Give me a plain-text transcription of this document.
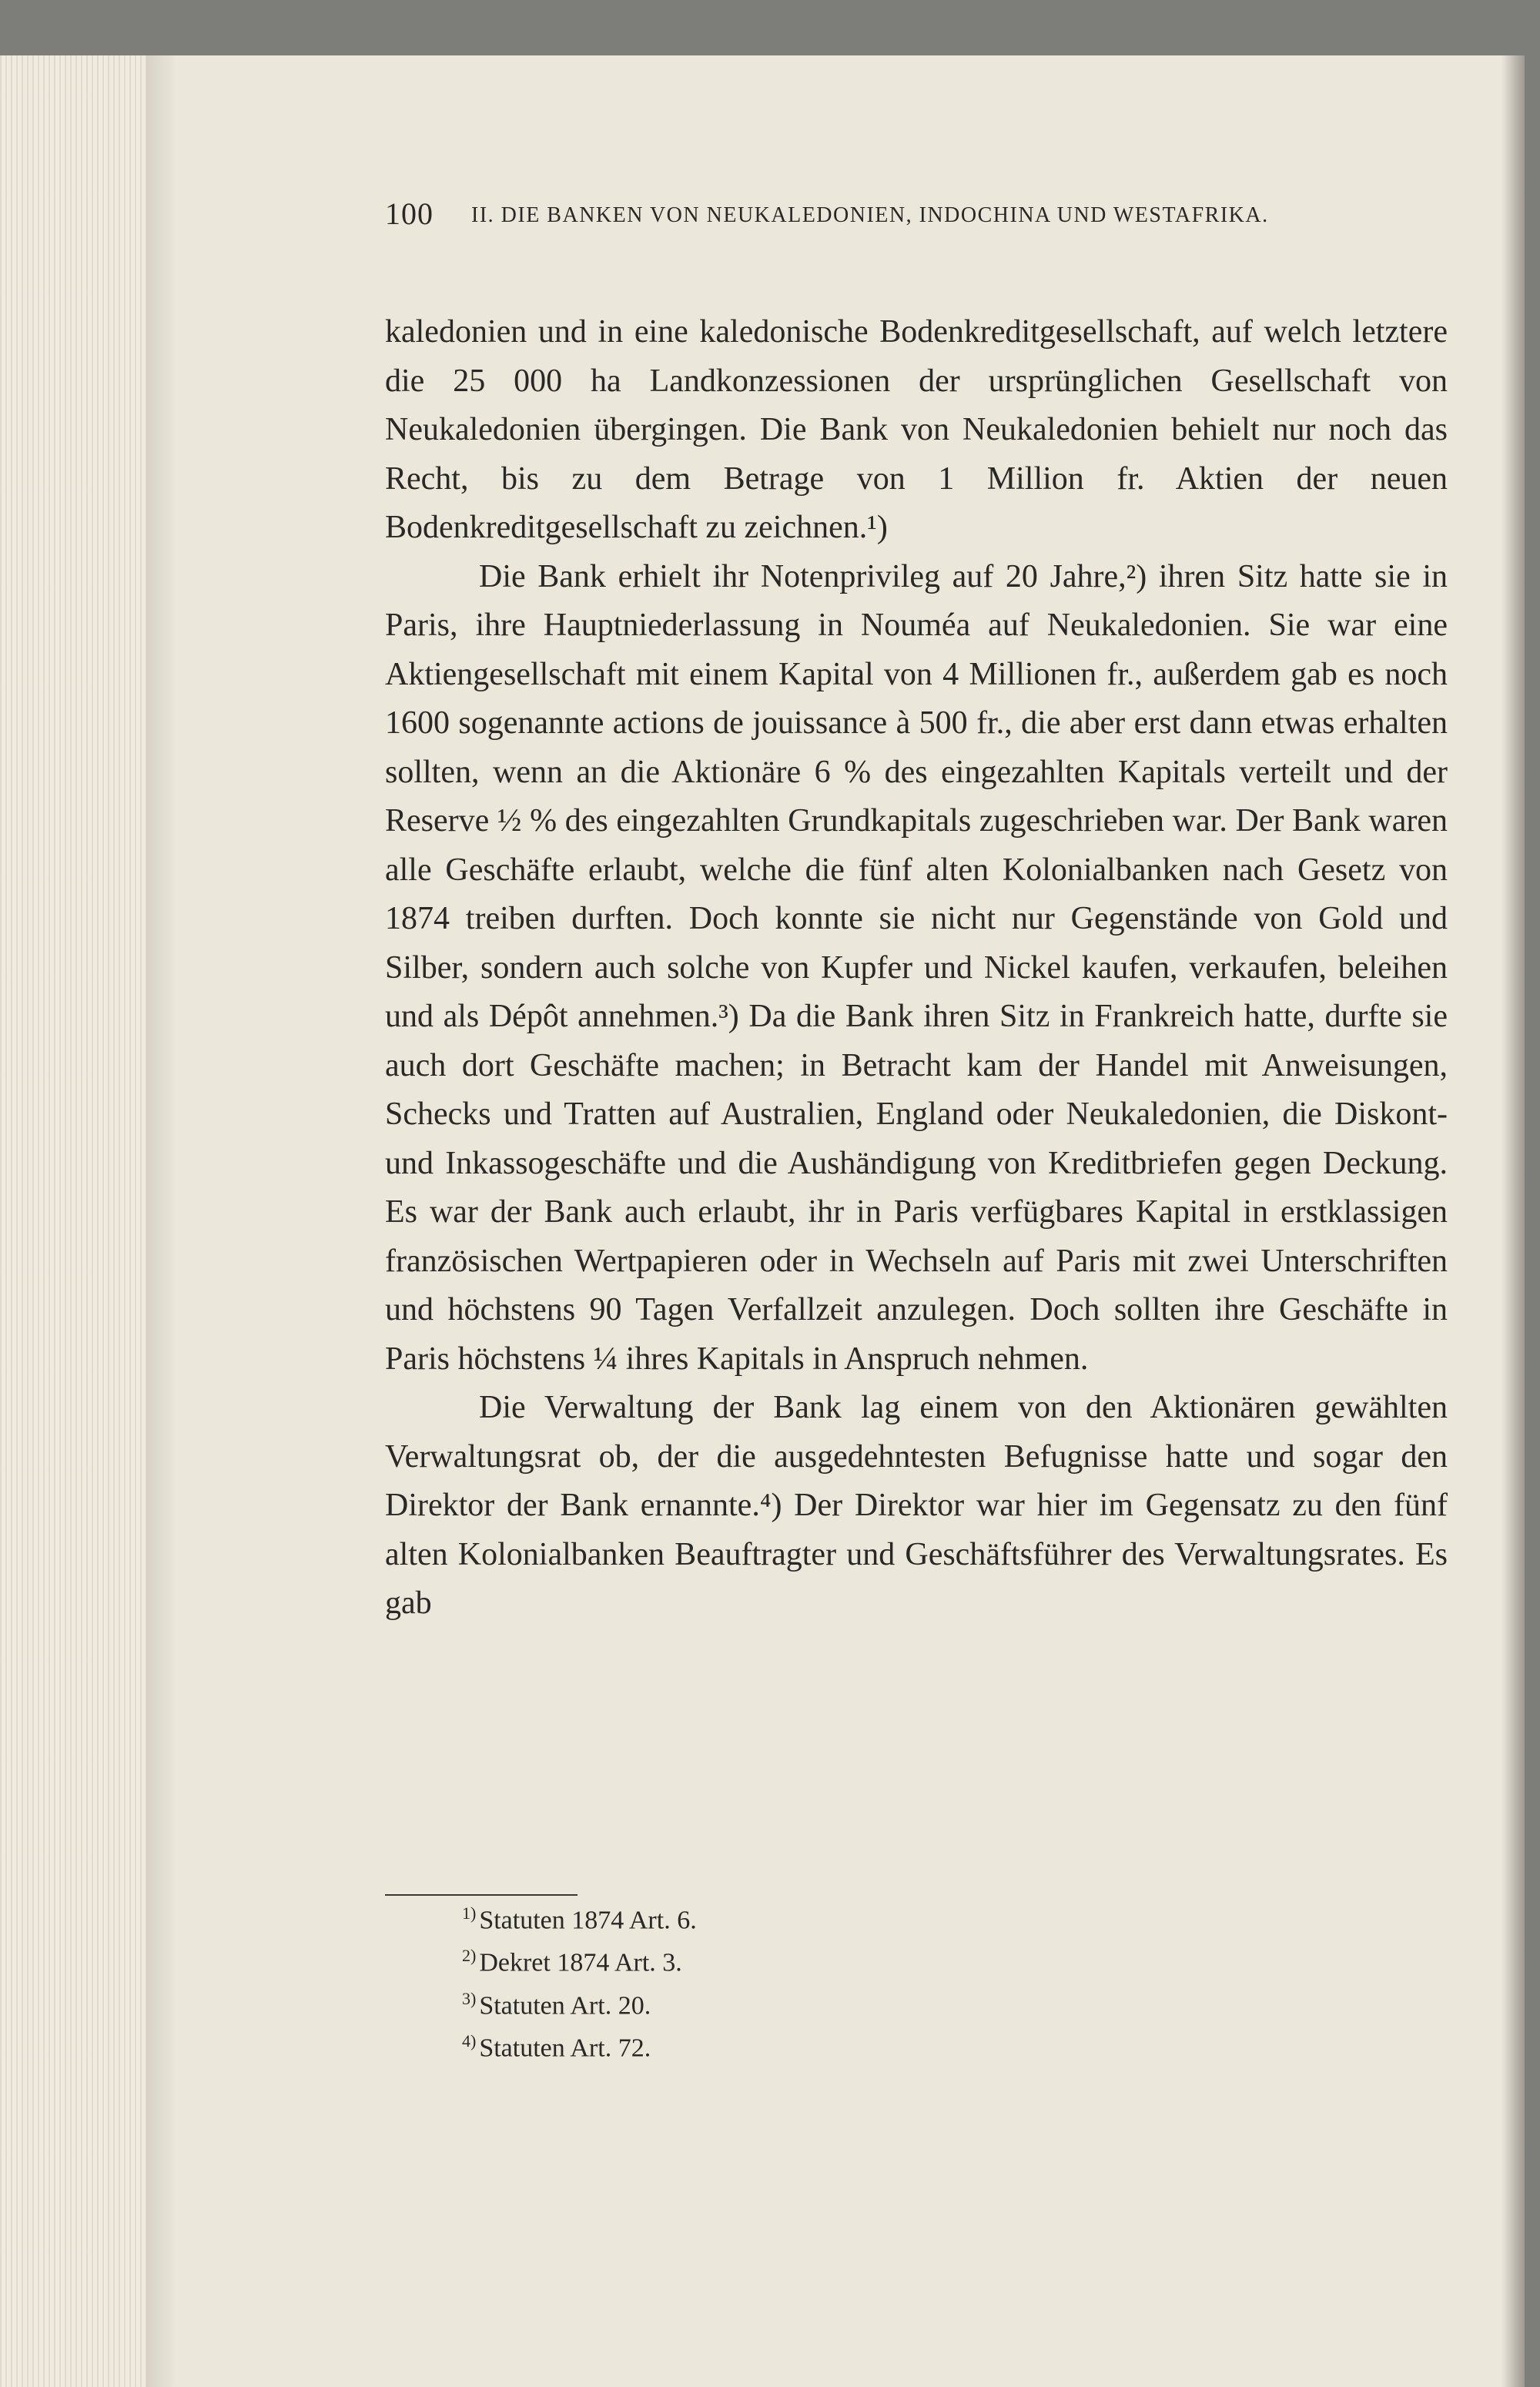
100 II. DIE BANKEN VON NEUKALEDONIEN, INDOCHINA UND WESTAFRIKA.

kaledonien und in eine kaledonische Bodenkreditgesellschaft, auf welch letztere die 25 000 ha Landkonzessionen der ursprünglichen Gesellschaft von Neukaledonien übergingen. Die Bank von Neukaledonien behielt nur noch das Recht, bis zu dem Betrage von 1 Million fr. Aktien der neuen Bodenkreditgesellschaft zu zeichnen.¹)

Die Bank erhielt ihr Notenprivileg auf 20 Jahre,²) ihren Sitz hatte sie in Paris, ihre Hauptniederlassung in Nouméa auf Neukaledonien. Sie war eine Aktiengesellschaft mit einem Kapital von 4 Millionen fr., außerdem gab es noch 1600 sogenannte actions de jouissance à 500 fr., die aber erst dann etwas erhalten sollten, wenn an die Aktionäre 6 % des eingezahlten Kapitals verteilt und der Reserve ½ % des eingezahlten Grundkapitals zugeschrieben war. Der Bank waren alle Geschäfte erlaubt, welche die fünf alten Kolonialbanken nach Gesetz von 1874 treiben durften. Doch konnte sie nicht nur Gegenstände von Gold und Silber, sondern auch solche von Kupfer und Nickel kaufen, verkaufen, beleihen und als Dépôt annehmen.³) Da die Bank ihren Sitz in Frankreich hatte, durfte sie auch dort Geschäfte machen; in Betracht kam der Handel mit Anweisungen, Schecks und Tratten auf Australien, England oder Neukaledonien, die Diskont- und Inkassogeschäfte und die Aushändigung von Kreditbriefen gegen Deckung. Es war der Bank auch erlaubt, ihr in Paris verfügbares Kapital in erstklassigen französischen Wertpapieren oder in Wechseln auf Paris mit zwei Unterschriften und höchstens 90 Tagen Verfallzeit anzulegen. Doch sollten ihre Geschäfte in Paris höchstens ¼ ihres Kapitals in Anspruch nehmen.

Die Verwaltung der Bank lag einem von den Aktionären gewählten Verwaltungsrat ob, der die ausgedehntesten Befugnisse hatte und sogar den Direktor der Bank ernannte.⁴) Der Direktor war hier im Gegensatz zu den fünf alten Kolonialbanken Beauftragter und Geschäftsführer des Verwaltungsrates. Es gab

$^{1)}$ Statuten 1874 Art. 6.
$^{2)}$ Dekret 1874 Art. 3.
$^{3)}$ Statuten Art. 20.
$^{4)}$ Statuten Art. 72.
